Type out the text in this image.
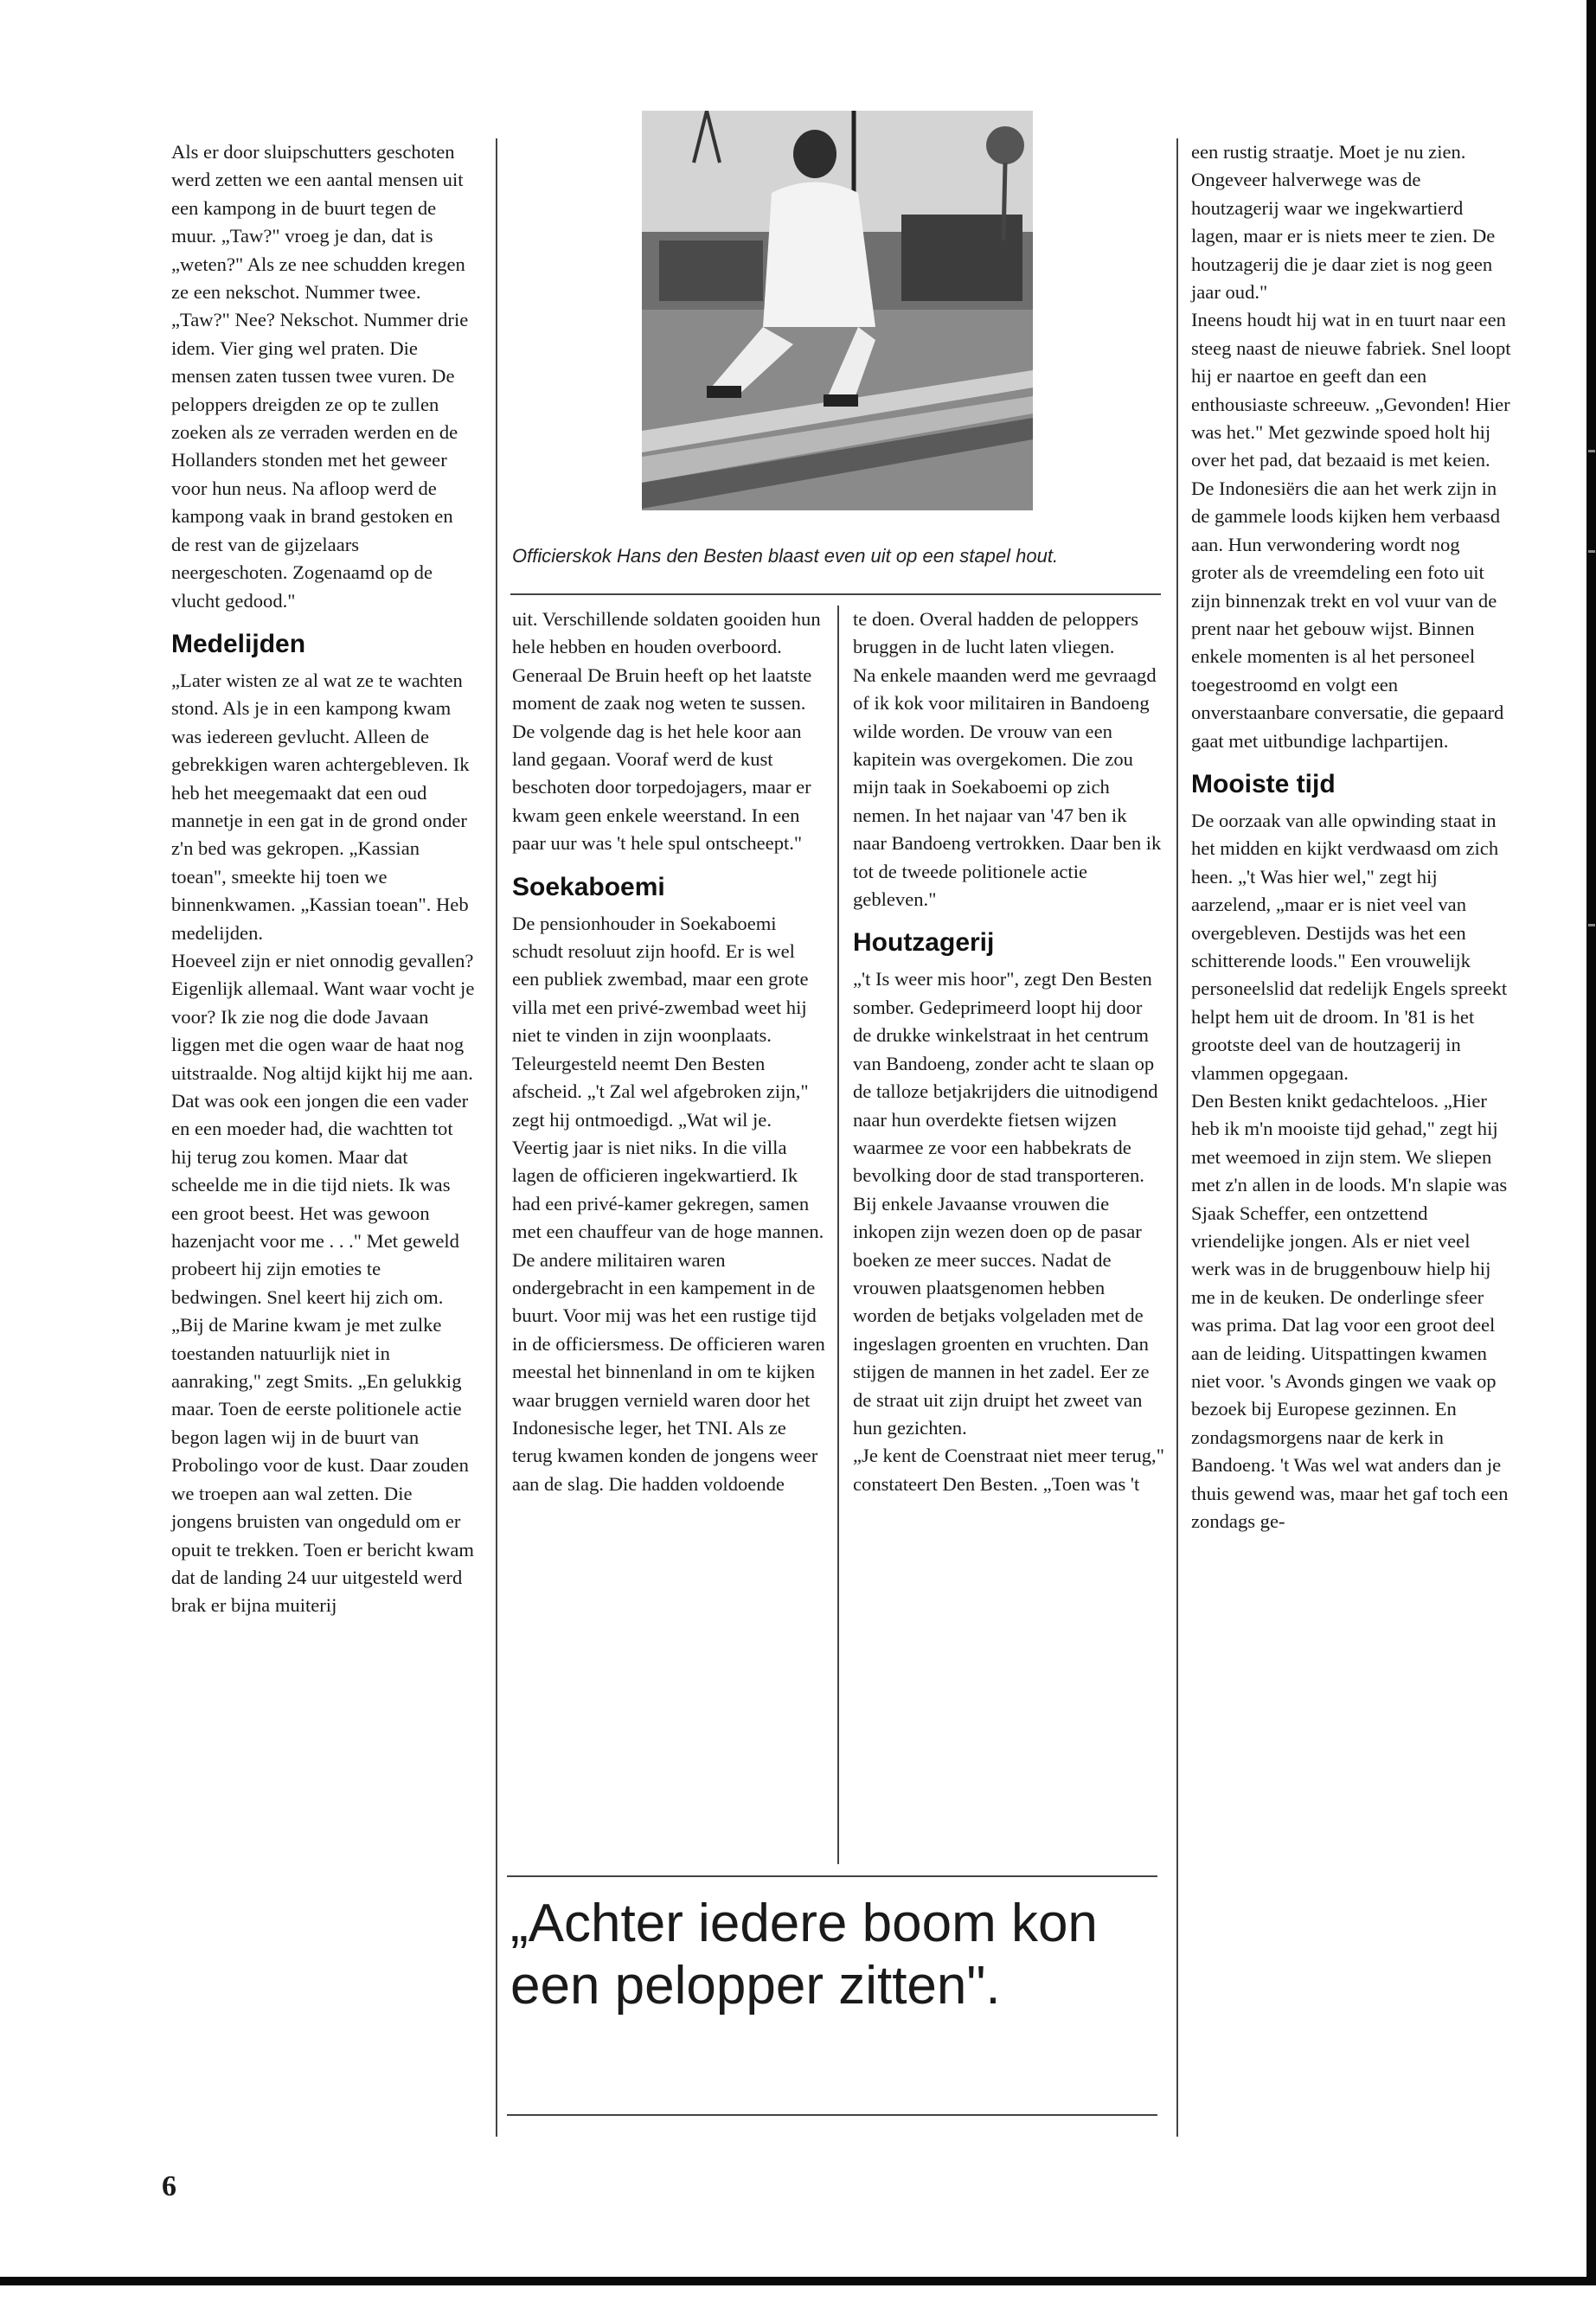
Als er door sluipschutters geschoten werd zetten we een aantal mensen uit een kampong in de buurt tegen de muur. „Taw?" vroeg je dan, dat is „weten?" Als ze nee schudden kregen ze een nekschot. Nummer twee. „Taw?" Nee? Nekschot. Nummer drie idem. Vier ging wel praten. Die mensen zaten tussen twee vuren. De peloppers dreigden ze op te zullen zoeken als ze verraden werden en de Hollanders stonden met het geweer voor hun neus. Na afloop werd de kampong vaak in brand gestoken en de rest van de gijzelaars neergeschoten. Zogenaamd op de vlucht gedood."

Medelijden

„Later wisten ze al wat ze te wachten stond. Als je in een kampong kwam was iedereen gevlucht. Alleen de gebrekkigen waren achtergebleven. Ik heb het meegemaakt dat een oud mannetje in een gat in de grond onder z'n bed was gekropen. „Kassian toean", smeekte hij toen we binnenkwamen. „Kassian toean". Heb medelijden.

Hoeveel zijn er niet onnodig gevallen? Eigenlijk allemaal. Want waar vocht je voor? Ik zie nog die dode Javaan liggen met die ogen waar de haat nog uitstraalde. Nog altijd kijkt hij me aan. Dat was ook een jongen die een vader en een moeder had, die wachtten tot hij terug zou komen. Maar dat scheelde me in die tijd niets. Ik was een groot beest. Het was gewoon hazenjacht voor me . . ." Met geweld probeert hij zijn emoties te bedwingen. Snel keert hij zich om.

„Bij de Marine kwam je met zulke toestanden natuurlijk niet in aanraking," zegt Smits. „En gelukkig maar. Toen de eerste politionele actie begon lagen wij in de buurt van Probolingo voor de kust. Daar zouden we troepen aan wal zetten. Die jongens bruisten van ongeduld om er opuit te trekken. Toen er bericht kwam dat de landing 24 uur uitgesteld werd brak er bijna muiterij

Officierskok Hans den Besten blaast even uit op een stapel hout.

uit. Verschillende soldaten gooiden hun hele hebben en houden overboord. Generaal De Bruin heeft op het laatste moment de zaak nog weten te sussen. De volgende dag is het hele koor aan land gegaan. Vooraf werd de kust beschoten door torpedojagers, maar er kwam geen enkele weerstand. In een paar uur was 't hele spul ontscheept."

Soekaboemi

De pensionhouder in Soekaboemi schudt resoluut zijn hoofd. Er is wel een publiek zwembad, maar een grote villa met een privé-zwembad weet hij niet te vinden in zijn woonplaats. Teleurgesteld neemt Den Besten afscheid. „'t Zal wel afgebroken zijn," zegt hij ontmoedigd. „Wat wil je. Veertig jaar is niet niks. In die villa lagen de officieren ingekwartierd. Ik had een privé-kamer gekregen, samen met een chauffeur van de hoge mannen. De andere militairen waren ondergebracht in een kampement in de buurt. Voor mij was het een rustige tijd in de officiersmess. De officieren waren meestal het binnenland in om te kijken waar bruggen vernield waren door het Indonesische leger, het TNI. Als ze terug kwamen konden de jongens weer aan de slag. Die hadden voldoende

te doen. Overal hadden de peloppers bruggen in de lucht laten vliegen.

Na enkele maanden werd me gevraagd of ik kok voor militairen in Bandoeng wilde worden. De vrouw van een kapitein was overgekomen. Die zou mijn taak in Soekaboemi op zich nemen. In het najaar van '47 ben ik naar Bandoeng vertrokken. Daar ben ik tot de tweede politionele actie gebleven."

Houtzagerij

„'t Is weer mis hoor", zegt Den Besten somber. Gedeprimeerd loopt hij door de drukke winkelstraat in het centrum van Bandoeng, zonder acht te slaan op de talloze betjakrijders die uitnodigend naar hun overdekte fietsen wijzen waarmee ze voor een habbekrats de bevolking door de stad transporteren. Bij enkele Javaanse vrouwen die inkopen zijn wezen doen op de pasar boeken ze meer succes. Nadat de vrouwen plaatsgenomen hebben worden de betjaks volgeladen met de ingeslagen groenten en vruchten. Dan stijgen de mannen in het zadel. Eer ze de straat uit zijn druipt het zweet van hun gezichten.

„Je kent de Coenstraat niet meer terug," constateert Den Besten. „Toen was 't

„Achter iedere boom kon een pelopper zitten".

een rustig straatje. Moet je nu zien. Ongeveer halverwege was de houtzagerij waar we ingekwartierd lagen, maar er is niets meer te zien. De houtzagerij die je daar ziet is nog geen jaar oud."

Ineens houdt hij wat in en tuurt naar een steeg naast de nieuwe fabriek. Snel loopt hij er naartoe en geeft dan een enthousiaste schreeuw. „Gevonden! Hier was het." Met gezwinde spoed holt hij over het pad, dat bezaaid is met keien. De Indonesiërs die aan het werk zijn in de gammele loods kijken hem verbaasd aan. Hun verwondering wordt nog groter als de vreemdeling een foto uit zijn binnenzak trekt en vol vuur van de prent naar het gebouw wijst. Binnen enkele momenten is al het personeel toegestroomd en volgt een onverstaanbare conversatie, die gepaard gaat met uitbundige lachpartijen.

Mooiste tijd

De oorzaak van alle opwinding staat in het midden en kijkt verdwaasd om zich heen. „'t Was hier wel," zegt hij aarzelend, „maar er is niet veel van overgebleven. Destijds was het een schitterende loods." Een vrouwelijk personeelslid dat redelijk Engels spreekt helpt hem uit de droom. In '81 is het grootste deel van de houtzagerij in vlammen opgegaan.

Den Besten knikt gedachteloos. „Hier heb ik m'n mooiste tijd gehad," zegt hij met weemoed in zijn stem. We sliepen met z'n allen in de loods. M'n slapie was Sjaak Scheffer, een ontzettend vriendelijke jongen. Als er niet veel werk was in de bruggenbouw hielp hij me in de keuken. De onderlinge sfeer was prima. Dat lag voor een groot deel aan de leiding. Uitspattingen kwamen niet voor. 's Avonds gingen we vaak op bezoek bij Europese gezinnen. En zondagsmorgens naar de kerk in Bandoeng. 't Was wel wat anders dan je thuis gewend was, maar het gaf toch een zondags ge-

6
